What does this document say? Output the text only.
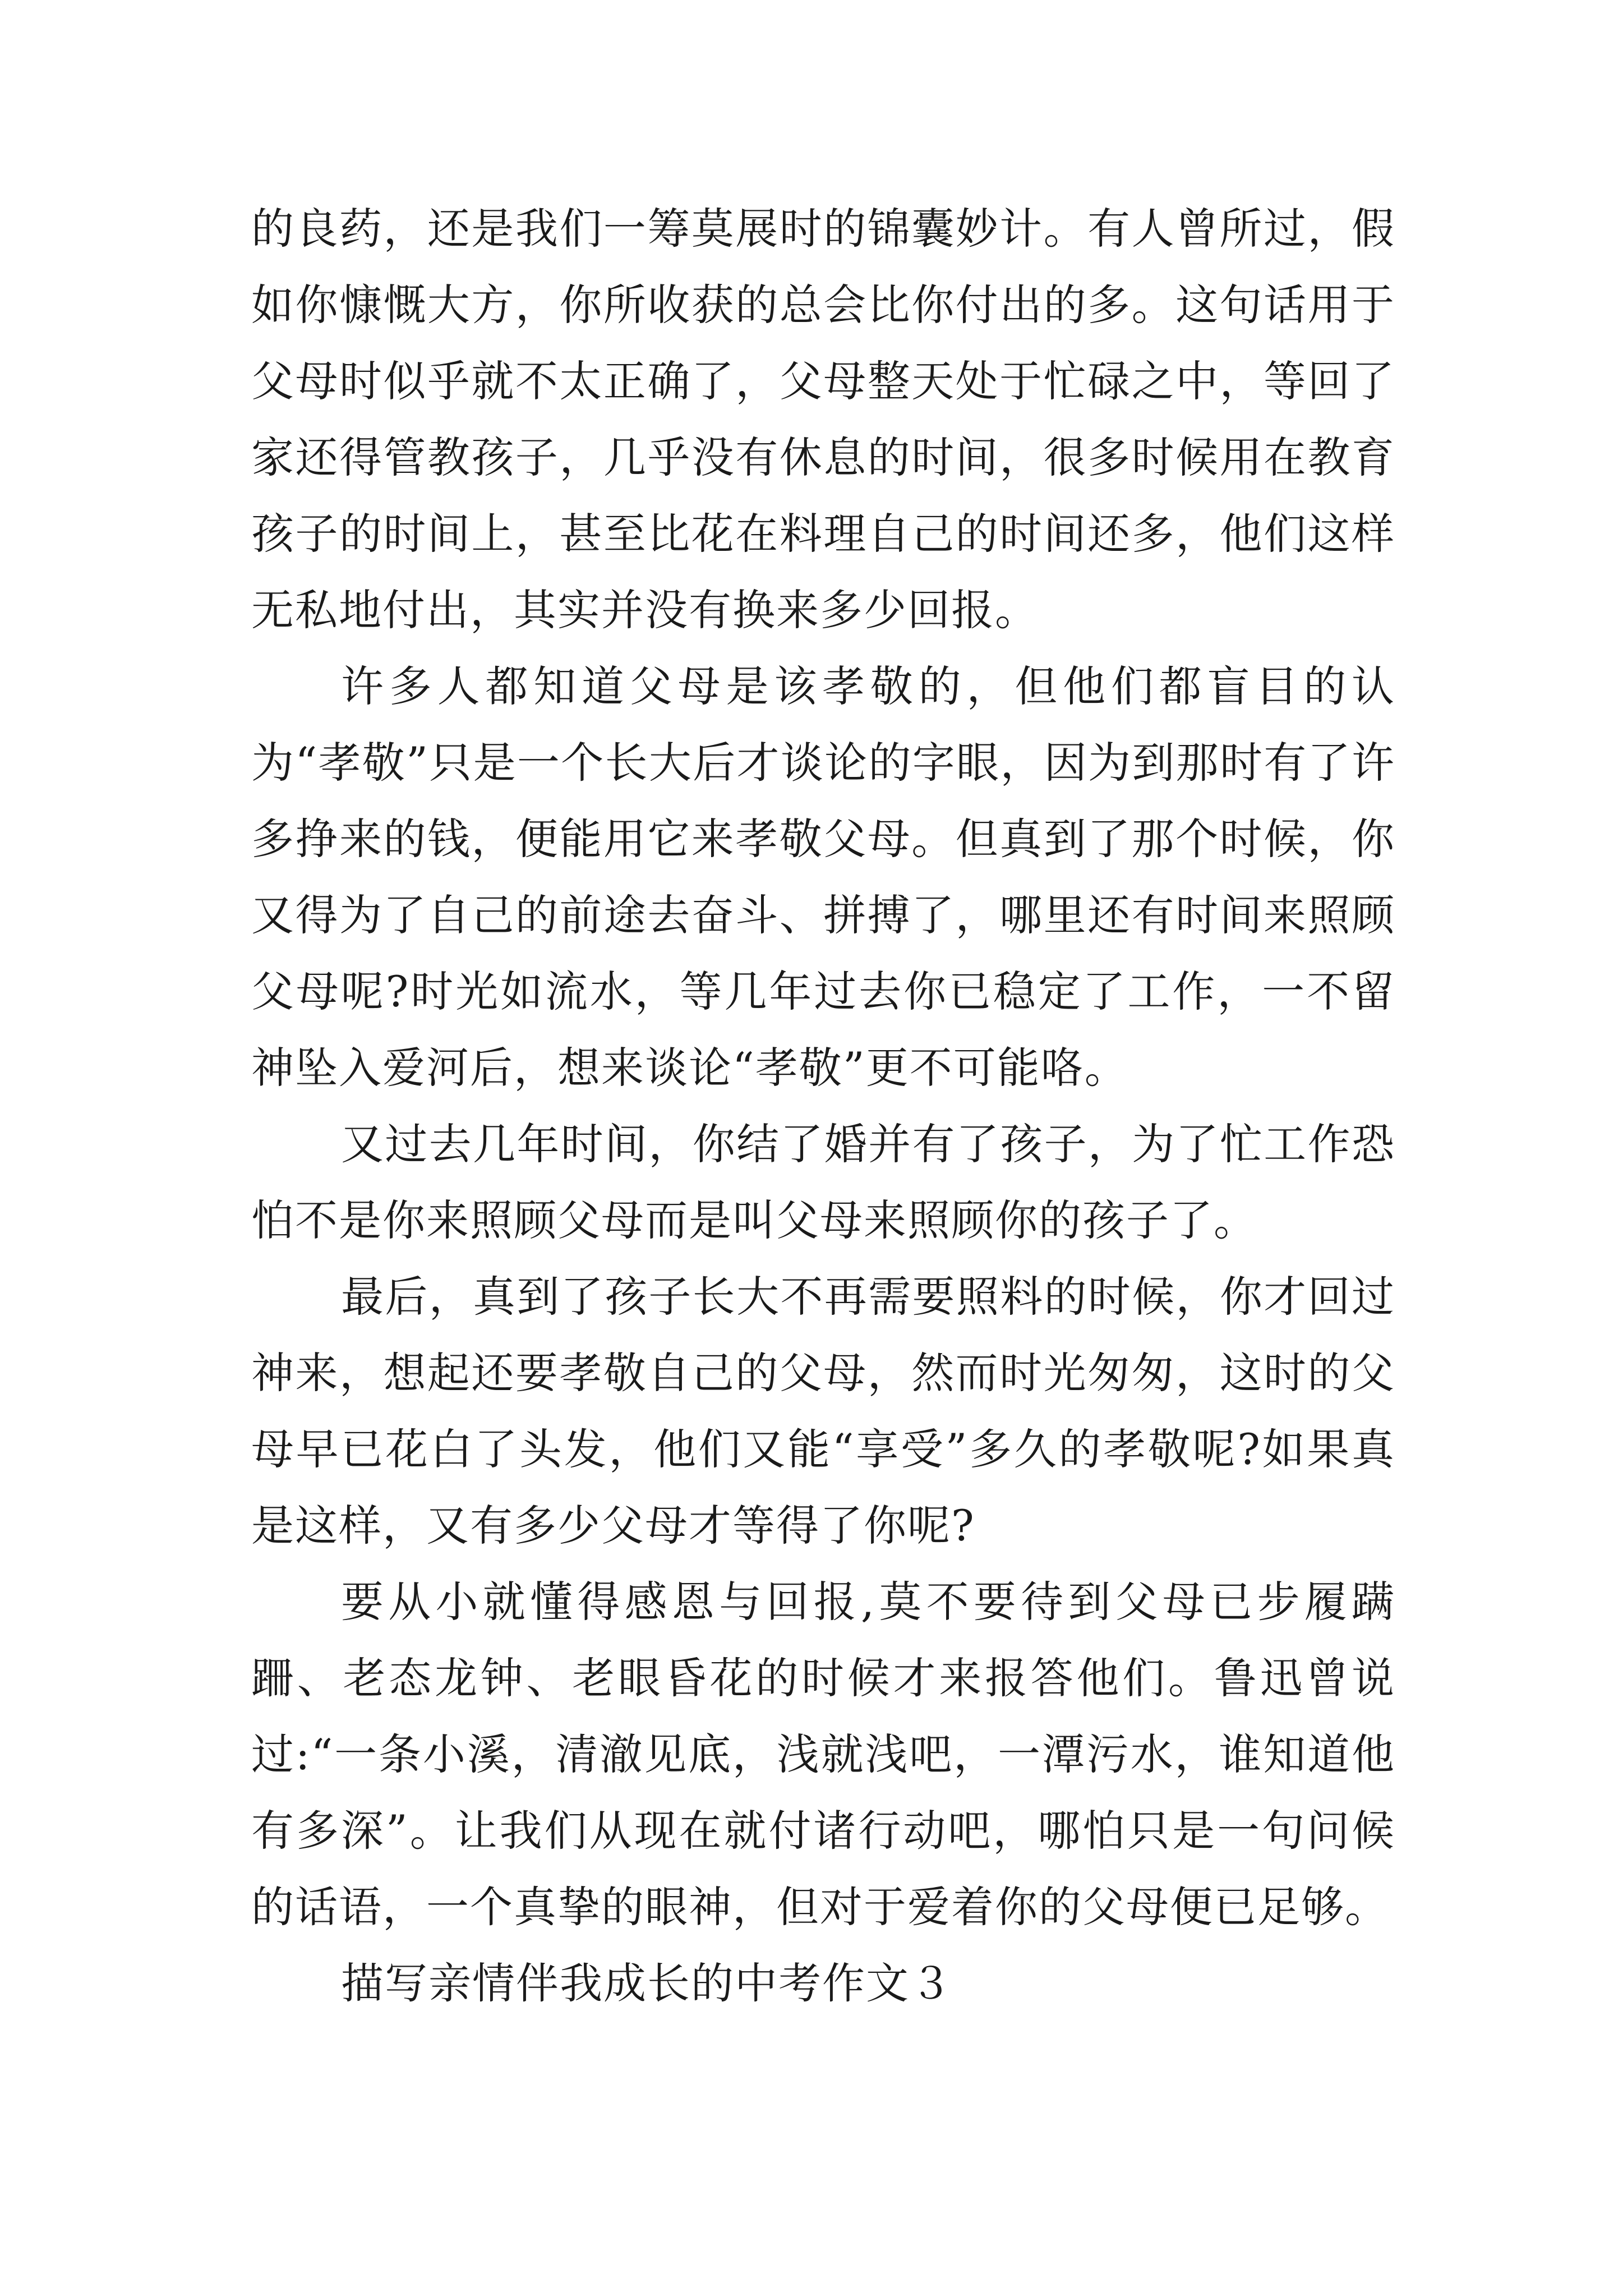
的良药，还是我们一筹莫展时的锦囊妙计。有人曾所过，假如你慷慨大方，你所收获的总会比你付出的多。这句话用于父母时似乎就不太正确了，父母整天处于忙碌之中，等回了家还得管教孩子，几乎没有休息的时间，很多时候用在教育孩子的时间上，甚至比花在料理自己的时间还多，他们这样无私地付出，其实并没有换来多少回报。

许多人都知道父母是该孝敬的，但他们都盲目的认为“孝敬”只是一个长大后才谈论的字眼，因为到那时有了许多挣来的钱，便能用它来孝敬父母。但真到了那个时候，你又得为了自己的前途去奋斗、拼搏了，哪里还有时间来照顾父母呢?时光如流水，等几年过去你已稳定了工作，一不留神坠入爱河后，想来谈论“孝敬”更不可能咯。

又过去几年时间，你结了婚并有了孩子，为了忙工作恐怕不是你来照顾父母而是叫父母来照顾你的孩子了。

最后，真到了孩子长大不再需要照料的时候，你才回过神来，想起还要孝敬自己的父母，然而时光匆匆，这时的父母早已花白了头发，他们又能“享受”多久的孝敬呢?如果真是这样，又有多少父母才等得了你呢?

要从小就懂得感恩与回报,莫不要待到父母已步履蹒跚、老态龙钟、老眼昏花的时候才来报答他们。鲁迅曾说过:“一条小溪，清澈见底，浅就浅吧，一潭污水，谁知道他有多深”。让我们从现在就付诸行动吧，哪怕只是一句问候的话语，一个真挚的眼神，但对于爱着你的父母便已足够。

描写亲情伴我成长的中考作文３
